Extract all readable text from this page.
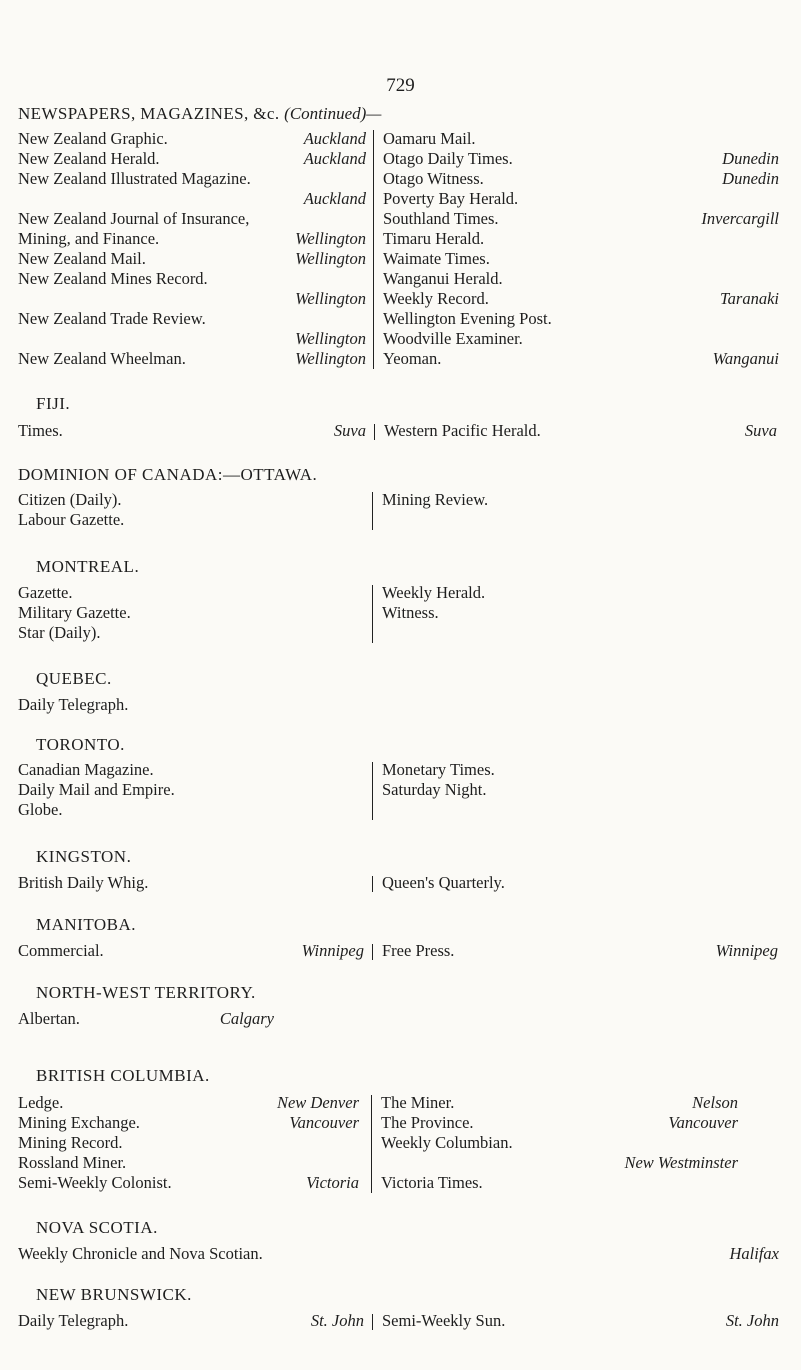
729
NEWSPAPERS, MAGAZINES, &c. (Continued)—
New Zealand Graphic.	Auckland
New Zealand Herald.	Auckland
New Zealand Illustrated Magazine.
Auckland
New Zealand Journal of Insurance,
Mining, and Finance.	Wellington
New Zealand Mail.	Wellington
New Zealand Mines Record.
Wellington
New Zealand Trade Review.
Wellington
New Zealand Wheelman.	Wellington
Oamaru Mail.
Otago Daily Times.	Dunedin
Otago Witness.	Dunedin
Poverty Bay Herald.
Southland Times.	Invercargill
Timaru Herald.
Waimate Times.
Wanganui Herald.
Weekly Record.	Taranaki
Wellington Evening Post.
Woodville Examiner.
Yeoman.	Wanganui
FIJI.
Times.	Suva Western Pacific Herald.	Suva
DOMINION OF CANADA:—OTTAWA.
Citizen (Daily).
Labour Gazette.
Mining Review.
MONTREAL.
Gazette.
Military Gazette.
Star (Daily).
Weekly Herald.
Witness.
QUEBEC.
Daily Telegraph.
TORONTO.
Canadian Magazine.
Daily Mail and Empire.
Globe.
Monetary Times.
Saturday Night.
KINGSTON.
British Daily Whig.	Queen's Quarterly.
MANITOBA.
Commercial.	Winnipeg Free Press.	Winnipeg
NORTH-WEST TERRITORY.
Albertan.	Calgary
BRITISH COLUMBIA.
Ledge.	New Denver
Mining Exchange.	Vancouver
Mining Record.
Rossland Miner.
Semi-Weekly Colonist.	Victoria
The Miner.	Nelson
The Province.	Vancouver
Weekly Columbian.
New Westminster
Victoria Times.
NOVA SCOTIA.
Weekly Chronicle and Nova Scotian.	Halifax
NEW BRUNSWICK.
Daily Telegraph.	St. John Semi-Weekly Sun.	St. John
